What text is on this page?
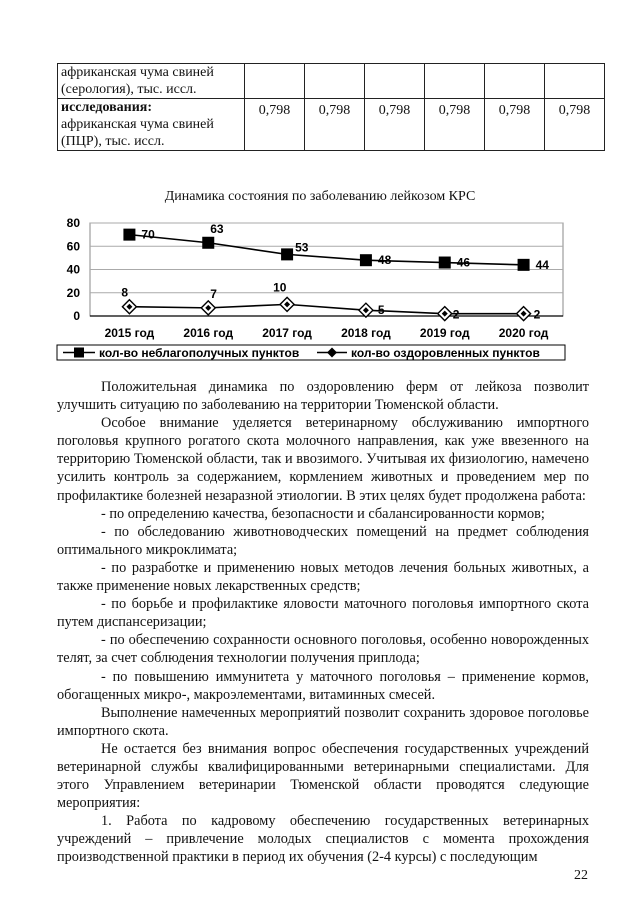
африканская чума свиней (серология), тыс. иссл.						
исследования:
африканская чума свиней (ПЦР), тыс. иссл.	0,798	0,798	0,798	0,798	0,798	0,798
Динамика состояния по заболеванию лейкозом КРС
0
20
40
60
80
2015 год 2016 год 2017 год 2018 год 2019 год 2020 год
70	63
53
48	46	44
8	7	10
5	2	2
кол-во неблагополучных пунктов	кол-во оздоровленных пунктов

Положительная динамика по оздоровлению ферм от лейкоза позволит улучшить ситуацию по заболеванию на территории Тюменской области.

Особое внимание уделяется ветеринарному обслуживанию импортного поголовья крупного рогатого скота молочного направления, как уже ввезенного на территорию Тюменской области, так и ввозимого. Учитывая их физиологию, намечено усилить контроль за содержанием, кормлением животных и проведением мер по профилактике болезней незаразной этиологии. В этих целях будет продолжена работа:

- по определению качества, безопасности и сбалансированности кормов;

- по обследованию животноводческих помещений на предмет соблюдения оптимального микроклимата;

- по разработке и применению новых методов лечения больных животных, а также применение новых лекарственных средств;

- по борьбе и профилактике яловости маточного поголовья импортного скота путем диспансеризации;

- по обеспечению сохранности основного поголовья, особенно новорожденных телят, за счет соблюдения технологии получения приплода;

- по повышению иммунитета у маточного поголовья – применение кормов, обогащенных микро-, макроэлементами, витаминных смесей.

Выполнение намеченных мероприятий позволит сохранить здоровое поголовье импортного скота.

Не остается без внимания вопрос обеспечения государственных учреждений ветеринарной службы квалифицированными ветеринарными специалистами. Для этого Управлением ветеринарии Тюменской области проводятся следующие мероприятия:

1. Работа по кадровому обеспечению государственных ветеринарных учреждений – привлечение молодых специалистов с момента прохождения производственной практики в период их обучения (2-4 курсы) с последующим

22
